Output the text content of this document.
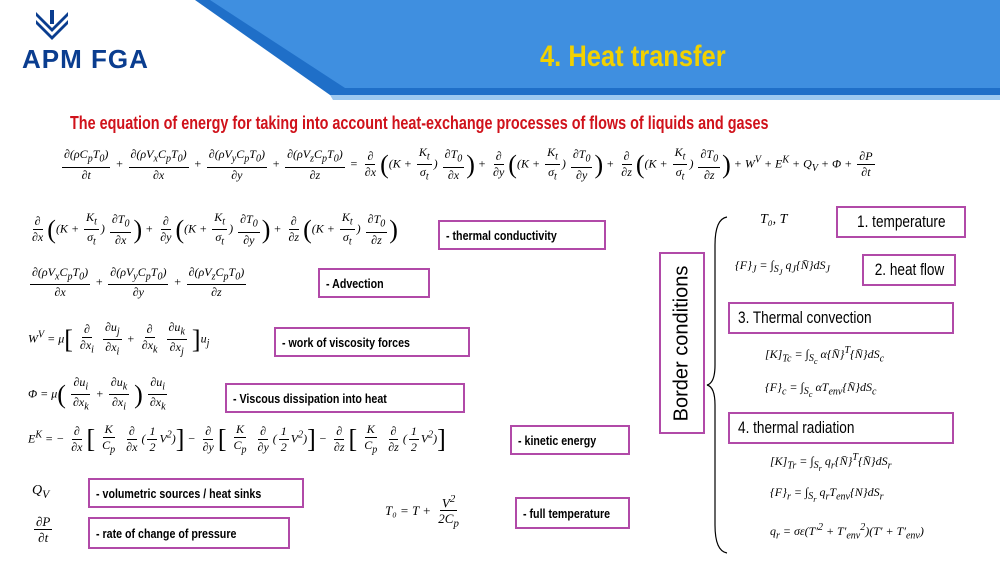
APM FGA	4. Heat transfer
The equation of energy for taking into account heat-exchange processes of flows of liquids and gases
$\frac{\partial(\rho C_pT_0)}{\partial t} + \frac{\partial(\rho V_xC_pT_0)}{\partial x} + \frac{\partial(\rho V_yC_pT_0)}{\partial y} + \frac{\partial(\rho V_zC_pT_0)}{\partial z} = \frac{\partial}{\partial x} ((K + \frac{K_t}{\sigma_t}$ ) $\frac{\partial T_0}{\partial x}$ ) + $\frac{\partial}{\partial y} ((K + \frac{K_t}{\sigma_t}$ ) $\frac{\partial T_0}{\partial y}$ ) + $\frac{\partial}{\partial z} ((K + \frac{K_t}{\sigma_t}$ ) $\frac{\partial T_0}{\partial z}$ ) + $W^V + E^K + Q_V + \Phi + \frac{\partial P}{\partial t}$
$\frac{\partial}{\partial x} ((K + \frac{K_t}{\sigma_t}$ ) $\frac{\partial T_0}{\partial x}$ ) + $\frac{\partial}{\partial y} ((K + \frac{K_t}{\sigma_t}$ ) $\frac{\partial T_0}{\partial y}$ ) + $\frac{\partial}{\partial z} ((K + \frac{K_t}{\sigma_t}$ ) $\frac{\partial T_0}{\partial z}$ )	- thermal conductivity
$\frac{\partial(\rho V_xC_pT_0)}{\partial x} + \frac{\partial(\rho V_yC_pT_0)}{\partial y} + \frac{\partial(\rho V_zC_pT_0)}{\partial z}$	- Advection
$W^V = \mu[ \frac{\partial}{\partial x_i}$
$\frac{\partial u_j}{\partial x_i} + \frac{\partial}{\partial x_k}$
$\frac{\partial u_k}{\partial x_j} ]u_j$	- work of viscosity forces
$\Phi = \mu( \frac{\partial u_i}{\partial x_k} + \frac{\partial u_k}{\partial x_i}$ ) $\frac{\partial u_i}{\partial x_k}$	- Viscous dissipation into heat
$E^K$ = − $\frac{\partial}{\partial x}$ [ $\frac{K}{C_p}$
$\frac{\partial}{\partial x}$ ( $\frac{1}{2} V^2)] - \frac{\partial}{\partial y}$ [ $\frac{K}{C_p}$
$\frac{\partial}{\partial y}$ ( $\frac{1}{2} V^2)] - \frac{\partial}{\partial z}$ [ $\frac{K}{C_p}$
$\frac{\partial}{\partial z}$ ( $\frac{1}{2} V^2$)]	- kinetic energy
$Q_V$	- volumetric sources / heat sinks
$\frac{\partial P}{\partial t}$	- rate of change of pressure
$T_0 = T + \frac{V^2}{2C_p}$	- full temperature
Border conditions
T₀, T	1. temperature
$\{F\}_J = \int_{S_J}$ $q_J\{N̄\}dS_J$	2. heat flow
3. Thermal convection
$[K]_{Tc} = \int_{S_c}$ $\alpha\{N̄\}^T\{N̄\}dS_c$
$\{F\}_c = \int_{S_c}$ $\alpha T_{env}\{N̄\}dS_c$
4. thermal radiation
$[K]_{Tr} = \int_{S_r}$ $q_r\{N̄\}^T\{N̄\}dS_r$
$\{F\}_r = \int_{S_r}$ $q_rT_{env}\{N\}dS_r$
$q_r = \sigma\varepsilon(T'^2 + T'_{env}^2)(T' + T'_{env})$
